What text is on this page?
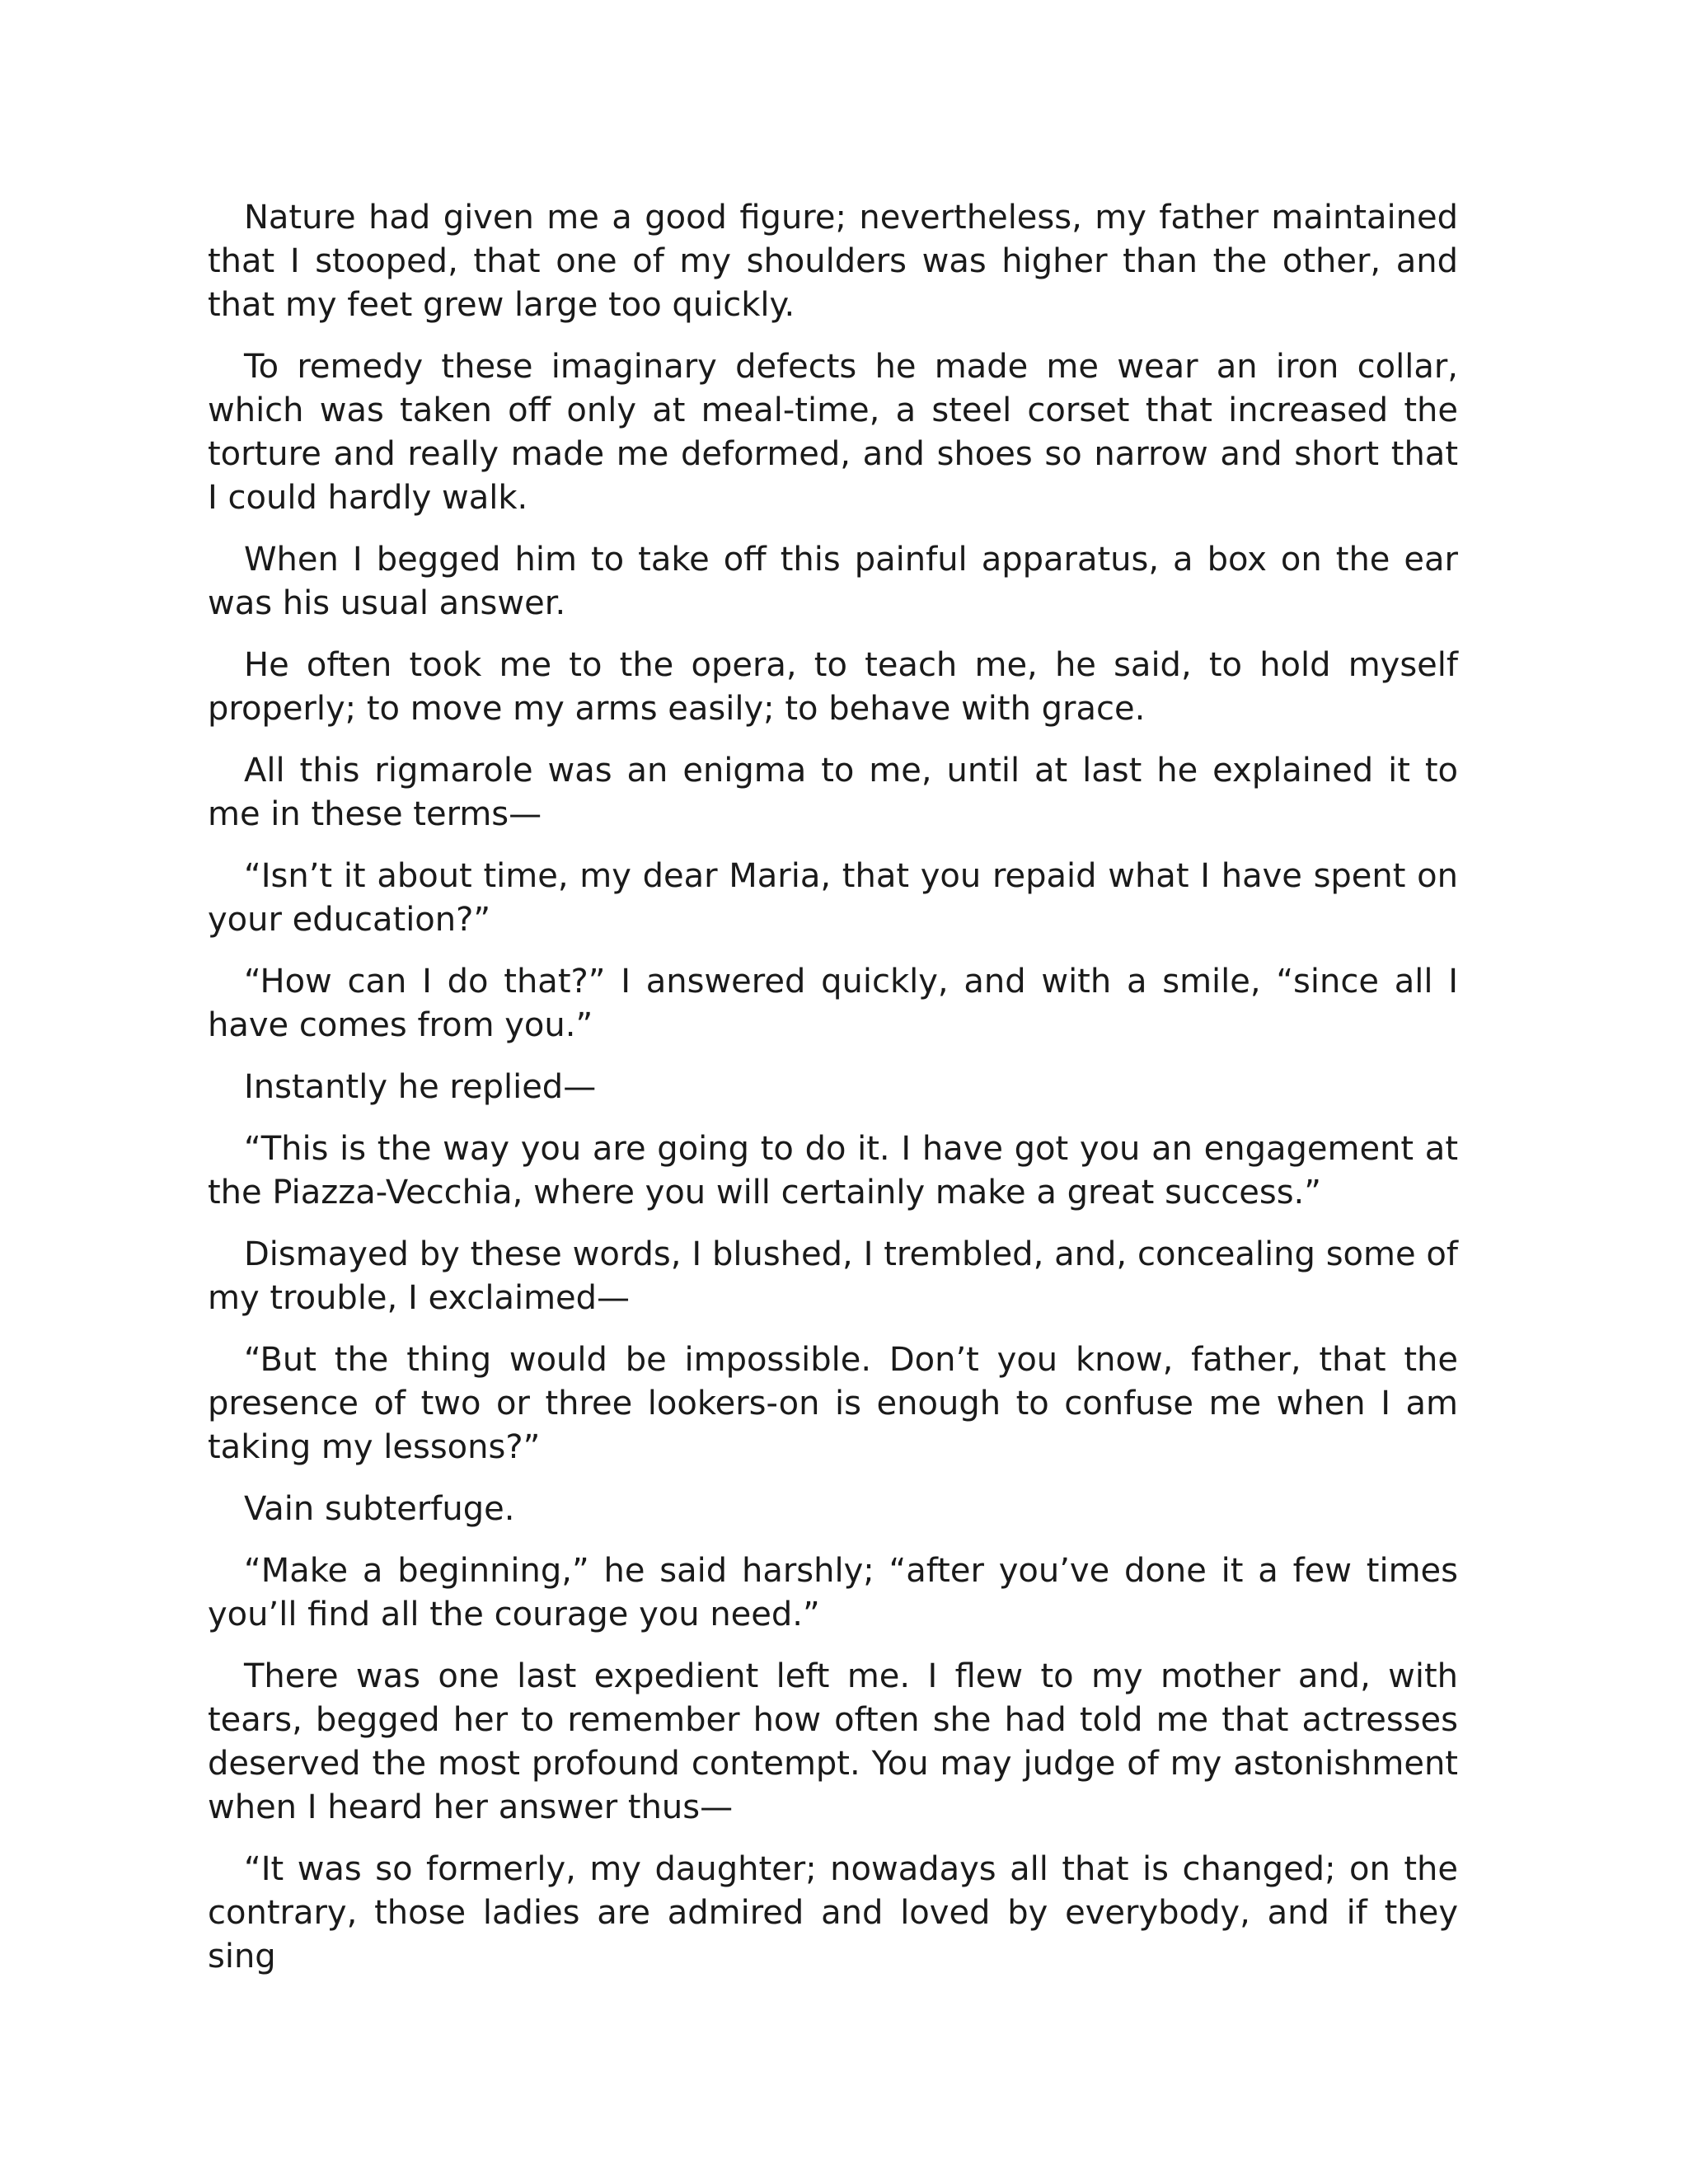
Nature had given me a good figure; nevertheless, my father maintained that I stooped, that one of my shoulders was higher than the other, and that my feet grew large too quickly.

To remedy these imaginary defects he made me wear an iron collar, which was taken off only at meal-time, a steel corset that increased the torture and really made me deformed, and shoes so narrow and short that I could hardly walk.

When I begged him to take off this painful apparatus, a box on the ear was his usual answer.

He often took me to the opera, to teach me, he said, to hold myself properly; to move my arms easily; to behave with grace.

All this rigmarole was an enigma to me, until at last he explained it to me in these terms—

“Isn’t it about time, my dear Maria, that you repaid what I have spent on your education?”

“How can I do that?” I answered quickly, and with a smile, “since all I have comes from you.”

Instantly he replied—

“This is the way you are going to do it. I have got you an engagement at the Piazza-Vecchia, where you will certainly make a great success.”

Dismayed by these words, I blushed, I trembled, and, concealing some of my trouble, I exclaimed—

“But the thing would be impossible. Don’t you know, father, that the presence of two or three lookers-on is enough to confuse me when I am taking my lessons?”

Vain subterfuge.

“Make a beginning,” he said harshly; “after you’ve done it a few times you’ll find all the courage you need.”

There was one last expedient left me. I flew to my mother and, with tears, begged her to remember how often she had told me that actresses deserved the most profound contempt. You may judge of my astonishment when I heard her answer thus—

“It was so formerly, my daughter; nowadays all that is changed; on the contrary, those ladies are admired and loved by everybody, and if they sing
